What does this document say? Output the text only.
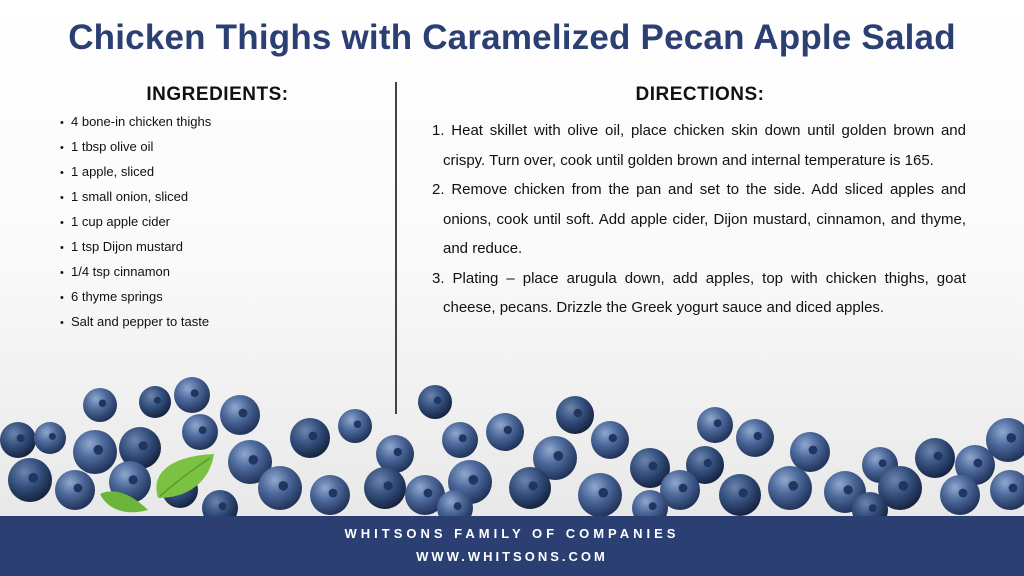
Chicken Thighs with Caramelized Pecan Apple Salad
INGREDIENTS:
• 4 bone-in chicken thighs
• 1 tbsp olive oil
• 1 apple, sliced
• 1 small onion, sliced
• 1 cup apple cider
• 1 tsp Dijon mustard
• 1/4 tsp cinnamon
• 6 thyme springs
• Salt and pepper to taste
DIRECTIONS:
1. Heat skillet with olive oil, place chicken skin down until golden brown and crispy. Turn over, cook until golden brown and internal temperature is 165.
2. Remove chicken from the pan and set to the side. Add sliced apples and onions, cook until soft. Add apple cider, Dijon mustard, cinnamon, and thyme, and reduce.
3. Plating – place arugula down, add apples, top with chicken thighs, goat cheese, pecans. Drizzle the Greek yogurt sauce and diced apples.
WHITSONS FAMILY OF COMPANIES
WWW.WHITSONS.COM
